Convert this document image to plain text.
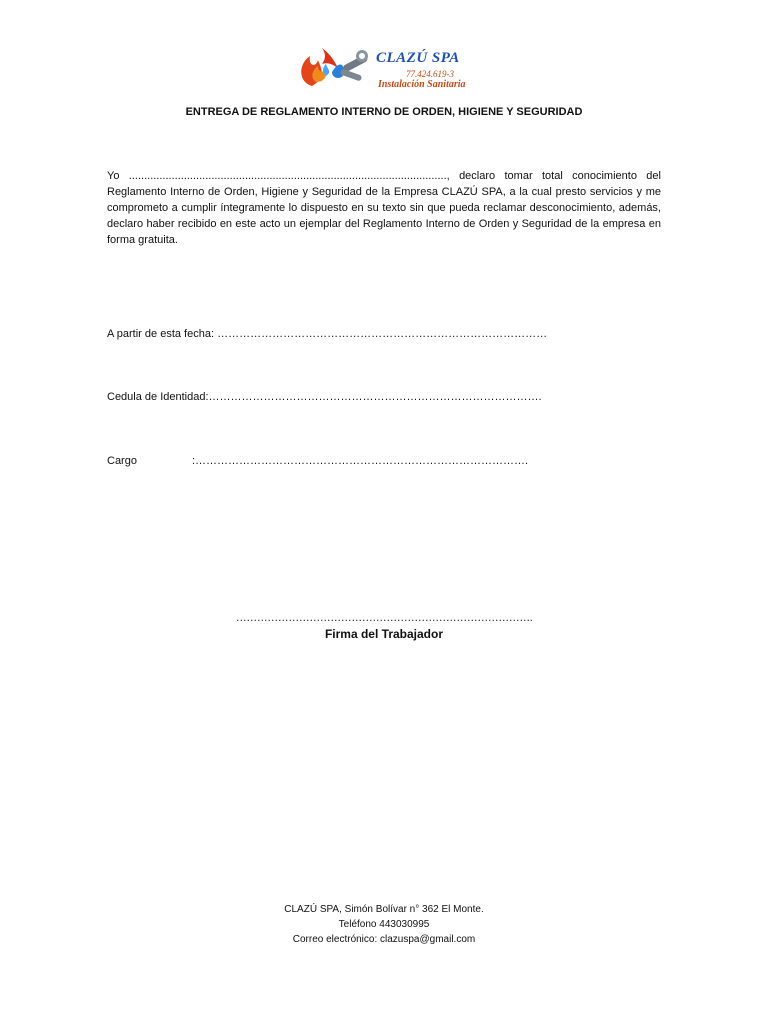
CLAZÚ SPA
77.424.619-3
Instalación Sanitaria
ENTREGA DE REGLAMENTO INTERNO DE ORDEN, HIGIENE Y SEGURIDAD
Yo ........................................................................................................, declaro tomar total conocimiento del Reglamento Interno de Orden, Higiene y Seguridad de la Empresa CLAZÚ SPA, a la cual presto servicios y me comprometo a cumplir íntegramente lo dispuesto en su texto sin que pueda reclamar desconocimiento, además, declaro haber recibido en este acto un ejemplar del Reglamento Interno de Orden y Seguridad de la empresa en forma gratuita.
A partir de esta fecha: ………………………………………………………………………………
Cedula de Identidad:……………………………………………………………………………….
Cargo	:……………………………………………………………………………….
………………………………………………………………………….
Firma del Trabajador
CLAZÚ SPA, Simón Bolívar n° 362 El Monte.
Teléfono 443030995
Correo electrónico: clazuspa@gmail.com
